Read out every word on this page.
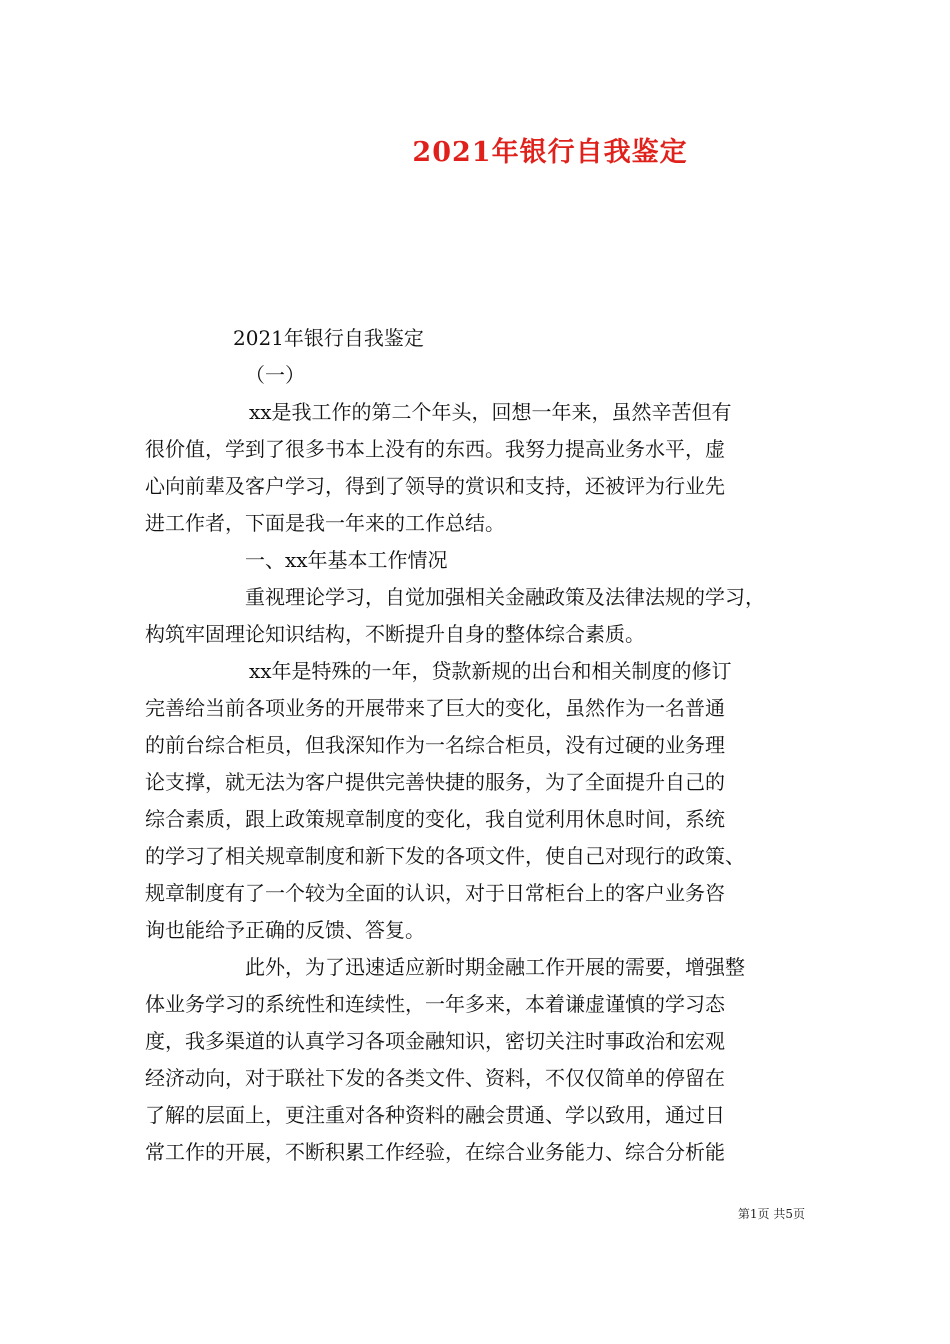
2021年银行自我鉴定

2021年银行自我鉴定

（一）

xx是我工作的第二个年头，回想一年来，虽然辛苦但有

很价值，学到了很多书本上没有的东西。我努力提高业务水平，虚

心向前辈及客户学习，得到了领导的赏识和支持，还被评为行业先

进工作者，下面是我一年来的工作总结。

一、xx年基本工作情况

重视理论学习，自觉加强相关金融政策及法律法规的学习，

构筑牢固理论知识结构，不断提升自身的整体综合素质。

xx年是特殊的一年，贷款新规的出台和相关制度的修订

完善给当前各项业务的开展带来了巨大的变化，虽然作为一名普通

的前台综合柜员，但我深知作为一名综合柜员，没有过硬的业务理

论支撑，就无法为客户提供完善快捷的服务，为了全面提升自己的

综合素质，跟上政策规章制度的变化，我自觉利用休息时间，系统

的学习了相关规章制度和新下发的各项文件，使自己对现行的政策、

规章制度有了一个较为全面的认识，对于日常柜台上的客户业务咨

询也能给予正确的反馈、答复。

此外，为了迅速适应新时期金融工作开展的需要，增强整

体业务学习的系统性和连续性，一年多来，本着谦虚谨慎的学习态

度，我多渠道的认真学习各项金融知识，密切关注时事政治和宏观

经济动向，对于联社下发的各类文件、资料，不仅仅简单的停留在

了解的层面上，更注重对各种资料的融会贯通、学以致用，通过日

常工作的开展，不断积累工作经验，在综合业务能力、综合分析能

第1页 共5页
